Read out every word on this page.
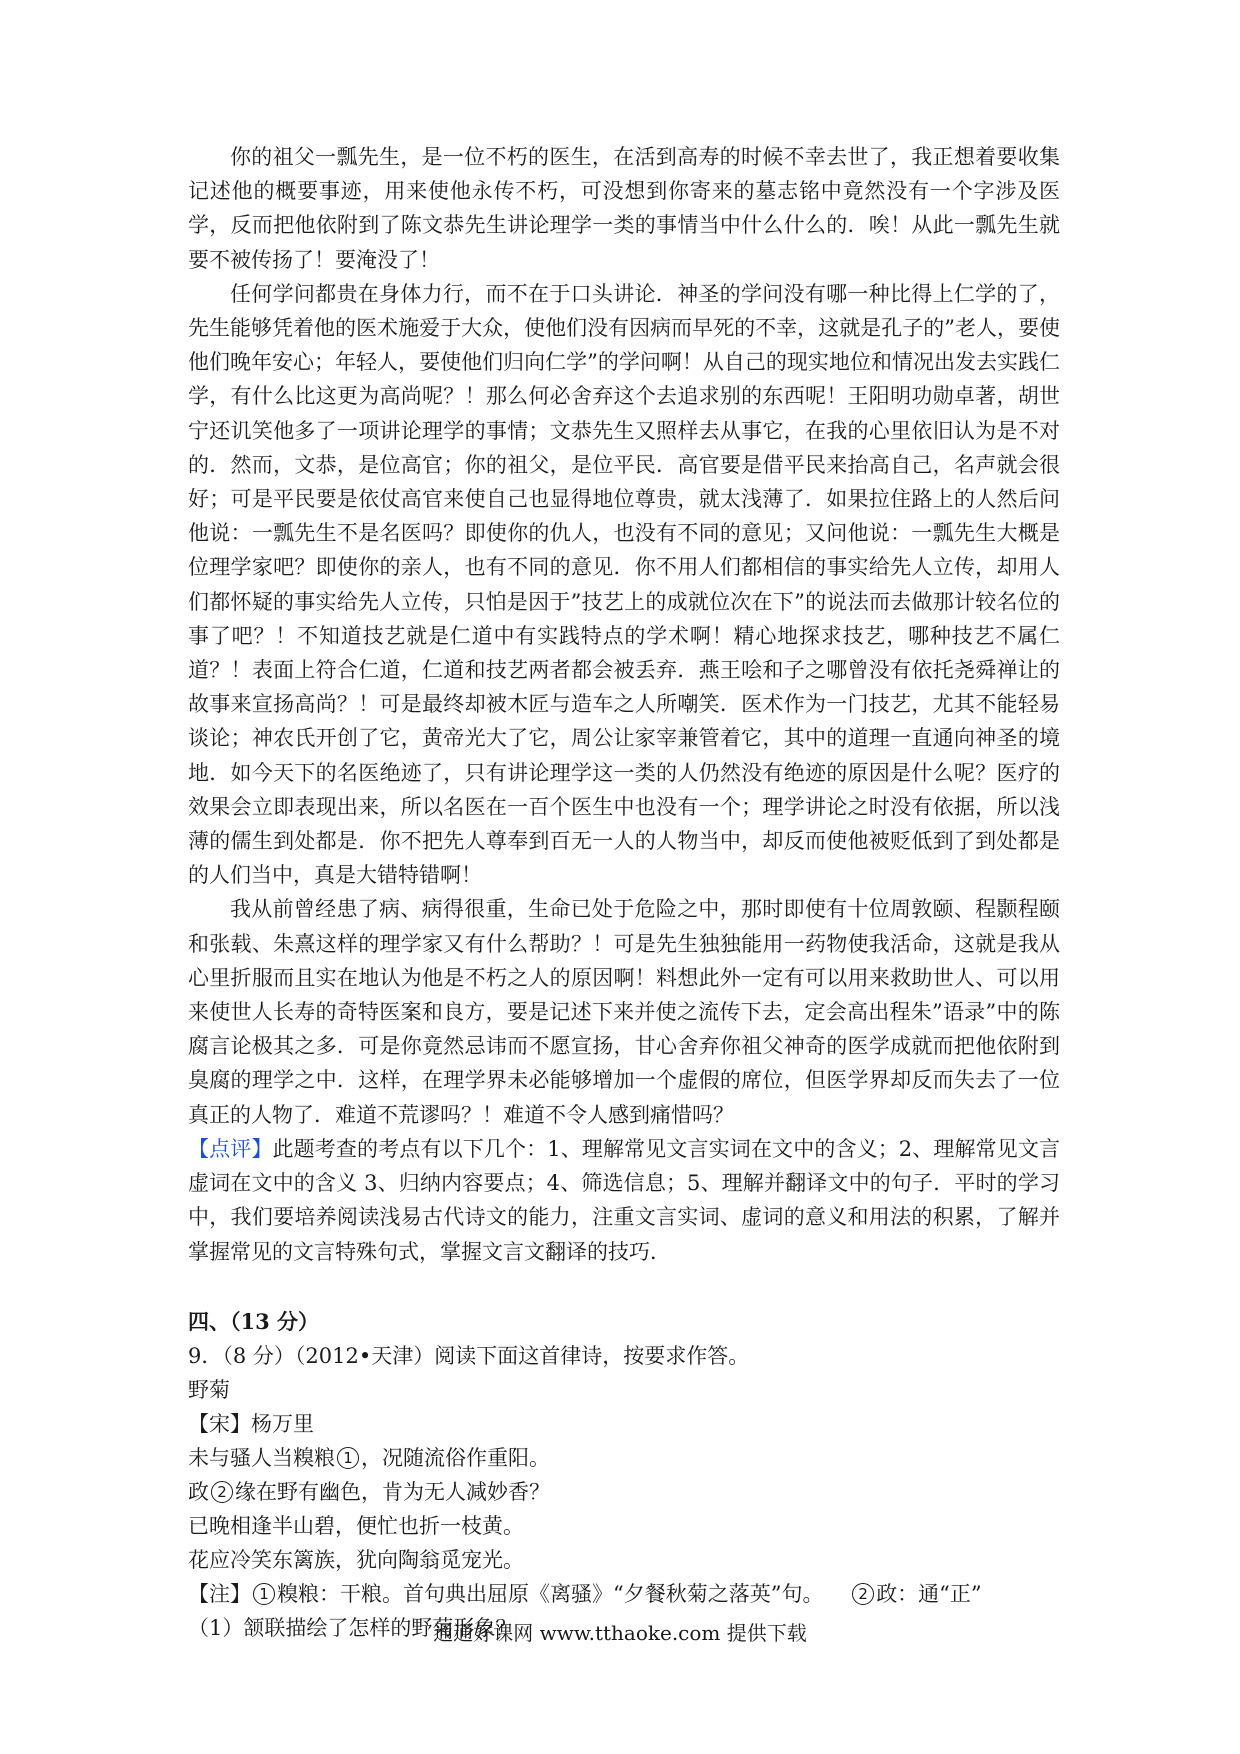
你的祖父一瓢先生，是一位不朽的医生，在活到高寿的时候不幸去世了，我正想着要收集记述他的概要事迹，用来使他永传不朽，可没想到你寄来的墓志铭中竟然没有一个字涉及医学，反而把他依附到了陈文恭先生讲论理学一类的事情当中什么什么的．唉！从此一瓢先生就要不被传扬了！要淹没了！

任何学问都贵在身体力行，而不在于口头讲论．神圣的学问没有哪一种比得上仁学的了，先生能够凭着他的医术施爱于大众，使他们没有因病而早死的不幸，这就是孔子的”老人，要使他们晚年安心；年轻人，要使他们归向仁学”的学问啊！从自己的现实地位和情况出发去实践仁学，有什么比这更为高尚呢？！那么何必舍弃这个去追求别的东西呢！王阳明功勋卓著，胡世宁还讥笑他多了一项讲论理学的事情；文恭先生又照样去从事它，在我的心里依旧认为是不对的．然而，文恭，是位高官；你的祖父，是位平民．高官要是借平民来抬高自己，名声就会很好；可是平民要是依仗高官来使自己也显得地位尊贵，就太浅薄了．如果拉住路上的人然后问他说：一瓢先生不是名医吗？即使你的仇人，也没有不同的意见；又问他说：一瓢先生大概是位理学家吧？即使你的亲人，也有不同的意见．你不用人们都相信的事实给先人立传，却用人们都怀疑的事实给先人立传，只怕是因于”技艺上的成就位次在下”的说法而去做那计较名位的事了吧？！不知道技艺就是仁道中有实践特点的学术啊！精心地探求技艺，哪种技艺不属仁道？！表面上符合仁道，仁道和技艺两者都会被丢弃．燕王哙和子之哪曾没有依托尧舜禅让的故事来宣扬高尚？！可是最终却被木匠与造车之人所嘲笑．医术作为一门技艺，尤其不能轻易谈论；神农氏开创了它，黄帝光大了它，周公让家宰兼管着它，其中的道理一直通向神圣的境地．如今天下的名医绝迹了，只有讲论理学这一类的人仍然没有绝迹的原因是什么呢？医疗的效果会立即表现出来，所以名医在一百个医生中也没有一个；理学讲论之时没有依据，所以浅薄的儒生到处都是．你不把先人尊奉到百无一人的人物当中，却反而使他被贬低到了到处都是的人们当中，真是大错特错啊！

我从前曾经患了病、病得很重，生命已处于危险之中，那时即使有十位周敦颐、程颢程颐和张载、朱熹这样的理学家又有什么帮助？！可是先生独独能用一药物使我活命，这就是我从心里折服而且实在地认为他是不朽之人的原因啊！料想此外一定有可以用来救助世人、可以用来使世人长寿的奇特医案和良方，要是记述下来并使之流传下去，定会高出程朱”语录”中的陈腐言论极其之多．可是你竟然忌讳而不愿宣扬，甘心舍弃你祖父神奇的医学成就而把他依附到臭腐的理学之中．这样，在理学界未必能够增加一个虚假的席位，但医学界却反而失去了一位真正的人物了．难道不荒谬吗？！难道不令人感到痛惜吗？

【点评】此题考查的考点有以下几个：1、理解常见文言实词在文中的含义；2、理解常见文言虚词在文中的含义 3、归纳内容要点；4、筛选信息；5、理解并翻译文中的句子．平时的学习中，我们要培养阅读浅易古代诗文的能力，注重文言实词、虚词的意义和用法的积累，了解并掌握常见的文言特殊句式，掌握文言文翻译的技巧．

四、（13 分）

9．（8 分）（2012•天津）阅读下面这首律诗，按要求作答。

野菊

【宋】杨万里

未与骚人当糗粮 1 ，况随流俗作重阳。

政 2 缘在野有幽色，肯为无人减妙香？

已晚相逢半山碧，便忙也折一枝黄。

花应冷笑东篱族，犹向陶翁觅宠光。

【注】 1 糗粮：干粮。首句典出屈原《离骚》“夕餐秋菊之落英”句。 2 政：通“正”

（1）颔联描绘了怎样的野菊形象？

通通好课网 www.tthaoke.com 提供下载
